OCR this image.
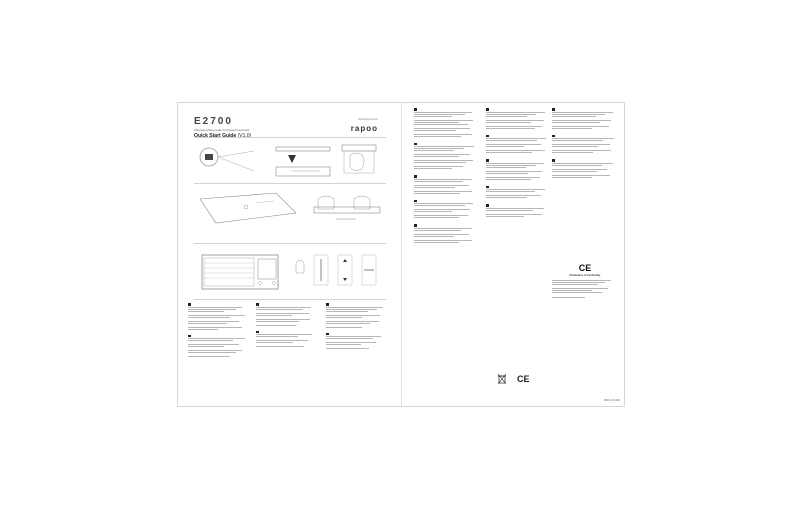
E2700
Wireless Multi-media Touchpad Keyboard
Quick Start Guide (V1.0)
Rapid Exploration
rapoo
CE
Declaration of Conformity
CE
M001-00 0000
